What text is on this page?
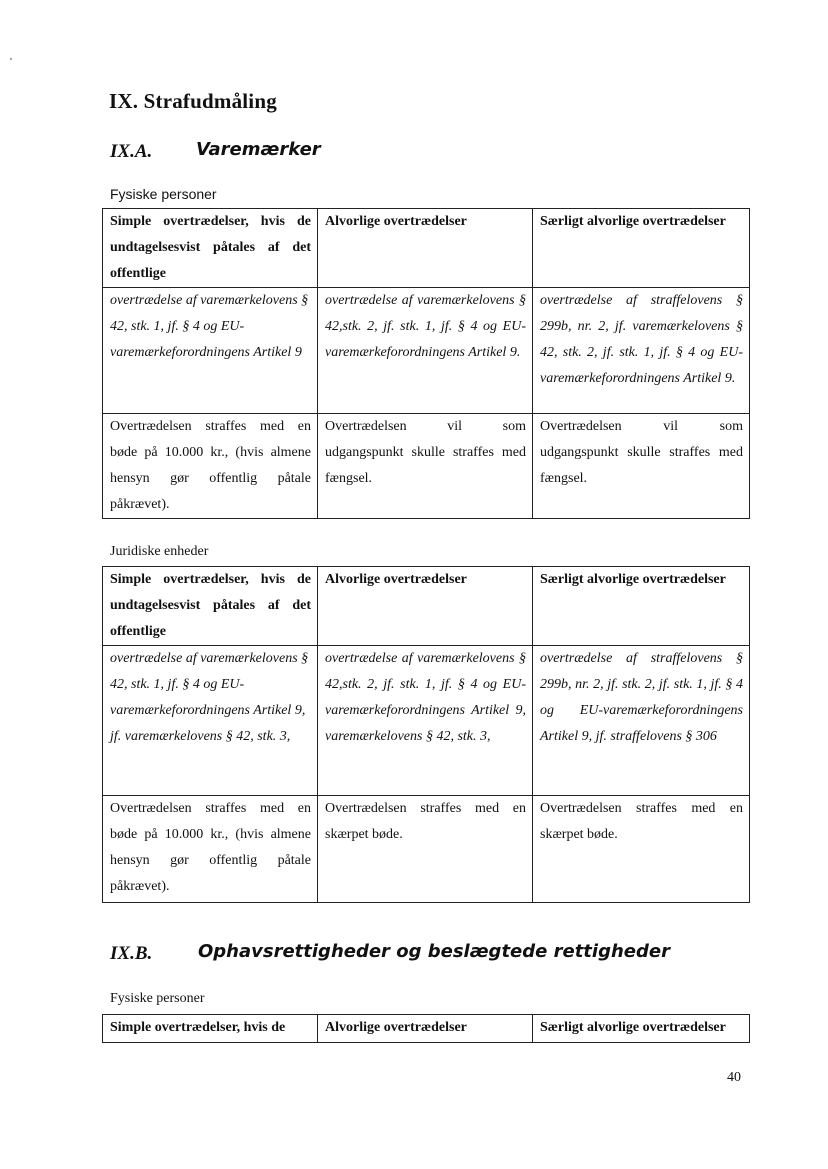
IX. Strafudmåling
IX.A. Varemærker
Fysiske personer
Simple overtrædelser, hvis de undtagelsesvist påtales af det offentlige	Alvorlige overtrædelser	Særligt alvorlige overtrædelser
overtrædelse af varemærkelovens § 42, stk. 1, jf. § 4 og EU-varemærkeforordningens Artikel 9	overtrædelse af varemærkelovens § 42,stk. 2, jf. stk. 1, jf. § 4 og EU-varemærkeforordningens Artikel 9.	overtrædelse af straffelovens § 299b, nr. 2, jf. varemærkelovens § 42, stk. 2, jf. stk. 1, jf. § 4 og EU-varemærkeforordningens Artikel 9.
Overtrædelsen straffes med en bøde på 10.000 kr., (hvis almene hensyn gør offentlig påtale påkrævet).	Overtrædelsen vil som udgangspunkt skulle straffes med fængsel.	Overtrædelsen vil som udgangspunkt skulle straffes med fængsel.
Juridiske enheder
Simple overtrædelser, hvis de undtagelsesvist påtales af det offentlige	Alvorlige overtrædelser	Særligt alvorlige overtrædelser
overtrædelse af varemærkelovens § 42, stk. 1, jf. § 4 og EU-varemærkeforordningens Artikel 9, jf. varemærkelovens § 42, stk. 3,	overtrædelse af varemærkelovens § 42,stk. 2, jf. stk. 1, jf. § 4 og EU-varemærkeforordningens Artikel 9, varemærkelovens § 42, stk. 3,	overtrædelse af straffelovens § 299b, nr. 2, jf. stk. 2, jf. stk. 1, jf. § 4 og EU-varemærkeforordningens Artikel 9, jf. straffelovens § 306
Overtrædelsen straffes med en bøde på 10.000 kr., (hvis almene hensyn gør offentlig påtale påkrævet).	Overtrædelsen straffes med en skærpet bøde.	Overtrædelsen straffes med en skærpet bøde.
IX.B.	Ophavsrettigheder og beslægtede rettigheder
Fysiske personer
Simple overtrædelser, hvis de	Alvorlige overtrædelser	Særligt alvorlige overtrædelser
40
